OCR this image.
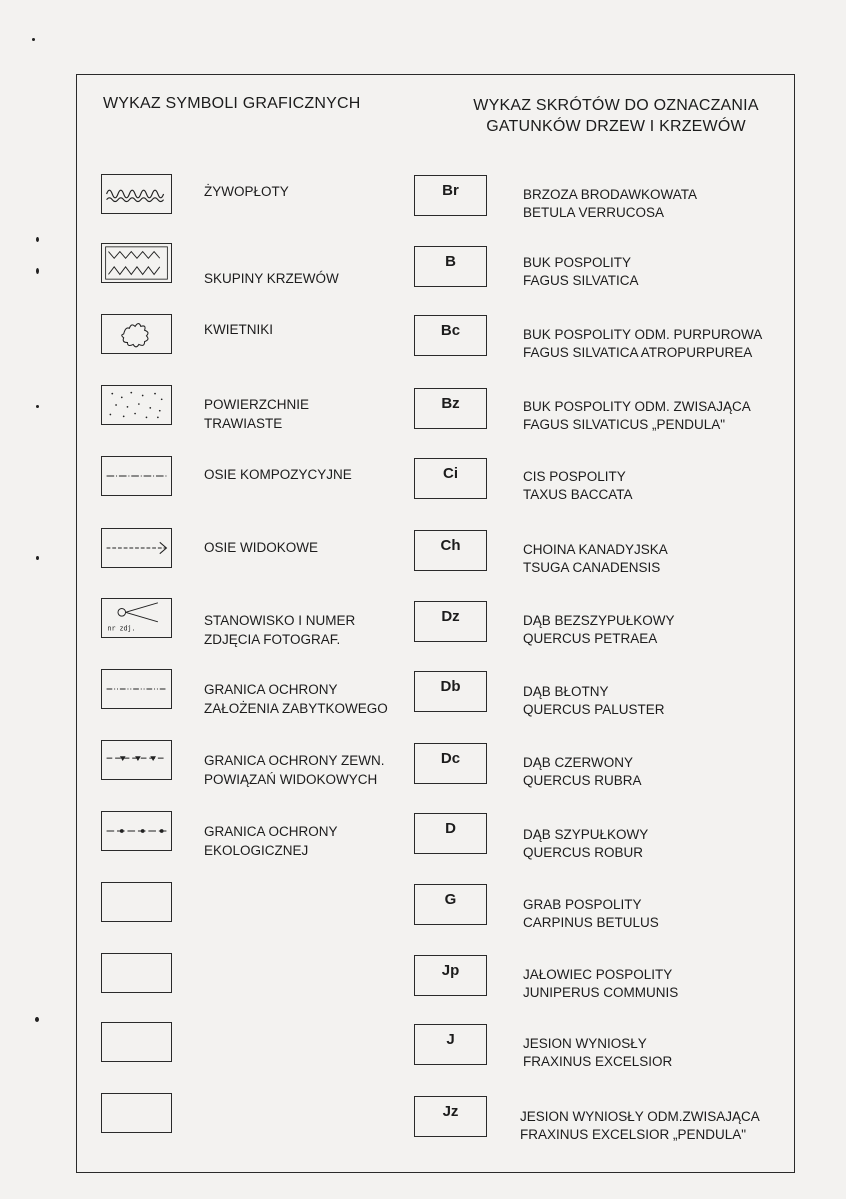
WYKAZ SYMBOLI GRAFICZNYCH	WYKAZ SKRÓTÓW DO OZNACZANIA
GATUNKÓW DRZEW I KRZEWÓW
nr zdj.
ŻYWOPŁOTY
SKUPINY KRZEWÓW
KWIETNIKI
POWIERZCHNIE
TRAWIASTE
OSIE KOMPOZYCYJNE
OSIE WIDOKOWE
STANOWISKO I NUMER
ZDJĘCIA FOTOGRAF.
GRANICA OCHRONY
ZAŁOŻENIA ZABYTKOWEGO
GRANICA OCHRONY ZEWN.
POWIĄZAŃ WIDOKOWYCH
GRANICA OCHRONY
EKOLOGICZNEJ
Br
B
Bc
Bz
Ci
Ch
Dz
Db
Dc
D
G
Jp
J
Jz
BRZOZA BRODAWKOWATA
BETULA VERRUCOSA
BUK POSPOLITY
FAGUS SILVATICA
BUK POSPOLITY ODM. PURPUROWA
FAGUS SILVATICA ATROPURPUREA
BUK POSPOLITY ODM. ZWISAJĄCA
FAGUS SILVATICUS „PENDULA"
CIS POSPOLITY
TAXUS BACCATA
CHOINA KANADYJSKA
TSUGA CANADENSIS
DĄB BEZSZYPUŁKOWY
QUERCUS PETRAEA
DĄB BŁOTNY
QUERCUS PALUSTER
DĄB CZERWONY
QUERCUS RUBRA
DĄB SZYPUŁKOWY
QUERCUS ROBUR
GRAB POSPOLITY
CARPINUS BETULUS
JAŁOWIEC POSPOLITY
JUNIPERUS COMMUNIS
JESION WYNIOSŁY
FRAXINUS EXCELSIOR
JESION WYNIOSŁY ODM.ZWISAJĄCA
FRAXINUS EXCELSIOR „PENDULA"
